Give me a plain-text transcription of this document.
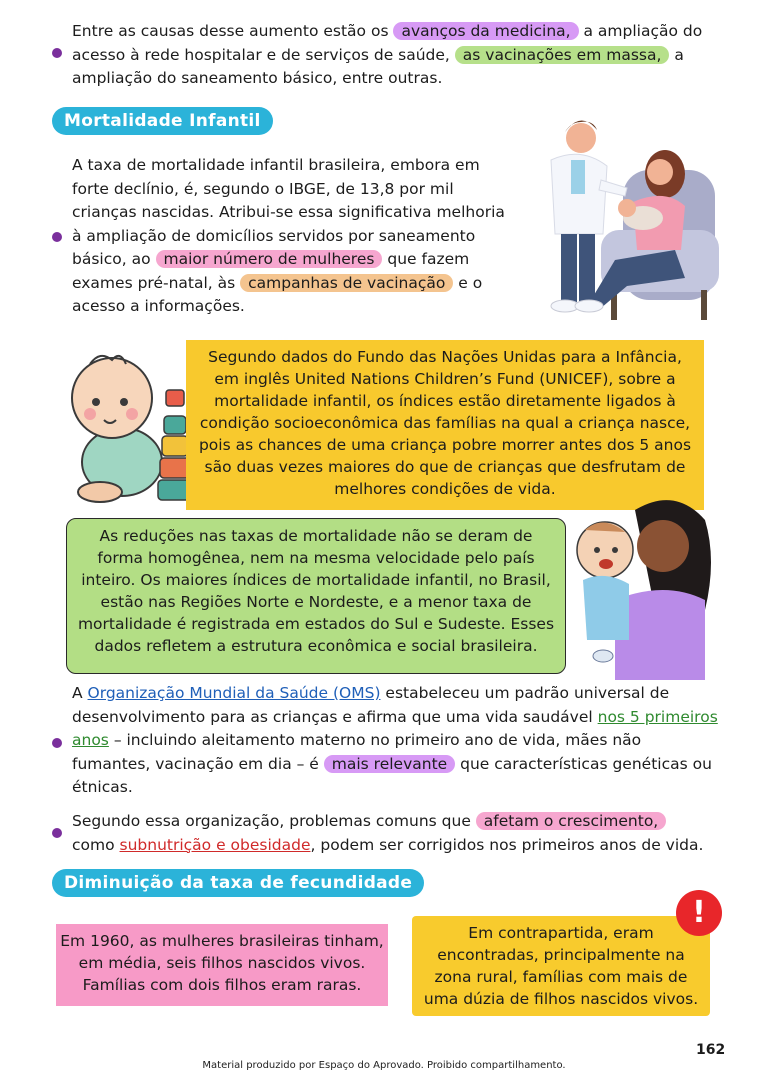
Entre as causas desse aumento estão os avanços da medicina, a ampliação do
acesso à rede hospitalar e de serviços de saúde, as vacinações em massa, a
ampliação do saneamento básico, entre outras.
Mortalidade Infantil
A taxa de mortalidade infantil brasileira, embora em
forte declínio, é, segundo o IBGE, de 13,8 por mil
crianças nascidas. Atribui-se essa significativa melhoria
à ampliação de domicílios servidos por saneamento
básico, ao maior número de mulheres que fazem
exames pré-natal, às campanhas de vacinação e o
acesso a informações.
Segundo dados do Fundo das Nações Unidas para a Infância,
em inglês United Nations Children’s Fund (UNICEF), sobre a
mortalidade infantil, os índices estão diretamente ligados à
condição socioeconômica das famílias na qual a criança nasce,
pois as chances de uma criança pobre morrer antes dos 5 anos
são duas vezes maiores do que de crianças que desfrutam de
melhores condições de vida.
As reduções nas taxas de mortalidade não se deram de
forma homogênea, nem na mesma velocidade pelo país
inteiro. Os maiores índices de mortalidade infantil, no Brasil,
estão nas Regiões Norte e Nordeste, e a menor taxa de
mortalidade é registrada em estados do Sul e Sudeste. Esses
dados refletem a estrutura econômica e social brasileira.
A Organização Mundial da Saúde (OMS) estabeleceu um padrão universal de
desenvolvimento para as crianças e afirma que uma vida saudável nos 5 primeiros
anos – incluindo aleitamento materno no primeiro ano de vida, mães não
fumantes, vacinação em dia – é mais relevante que características genéticas ou
étnicas.
Segundo essa organização, problemas comuns que afetam o crescimento,
como subnutrição e obesidade, podem ser corrigidos nos primeiros anos de vida.
Diminuição da taxa de fecundidade
Em 1960, as mulheres brasileiras tinham,
em média, seis filhos nascidos vivos.
Famílias com dois filhos eram raras.
Em contrapartida, eram
encontradas, principalmente na
zona rural, famílias com mais de
uma dúzia de filhos nascidos vivos.
!
162
Material produzido por Espaço do Aprovado. Proibido compartilhamento.
